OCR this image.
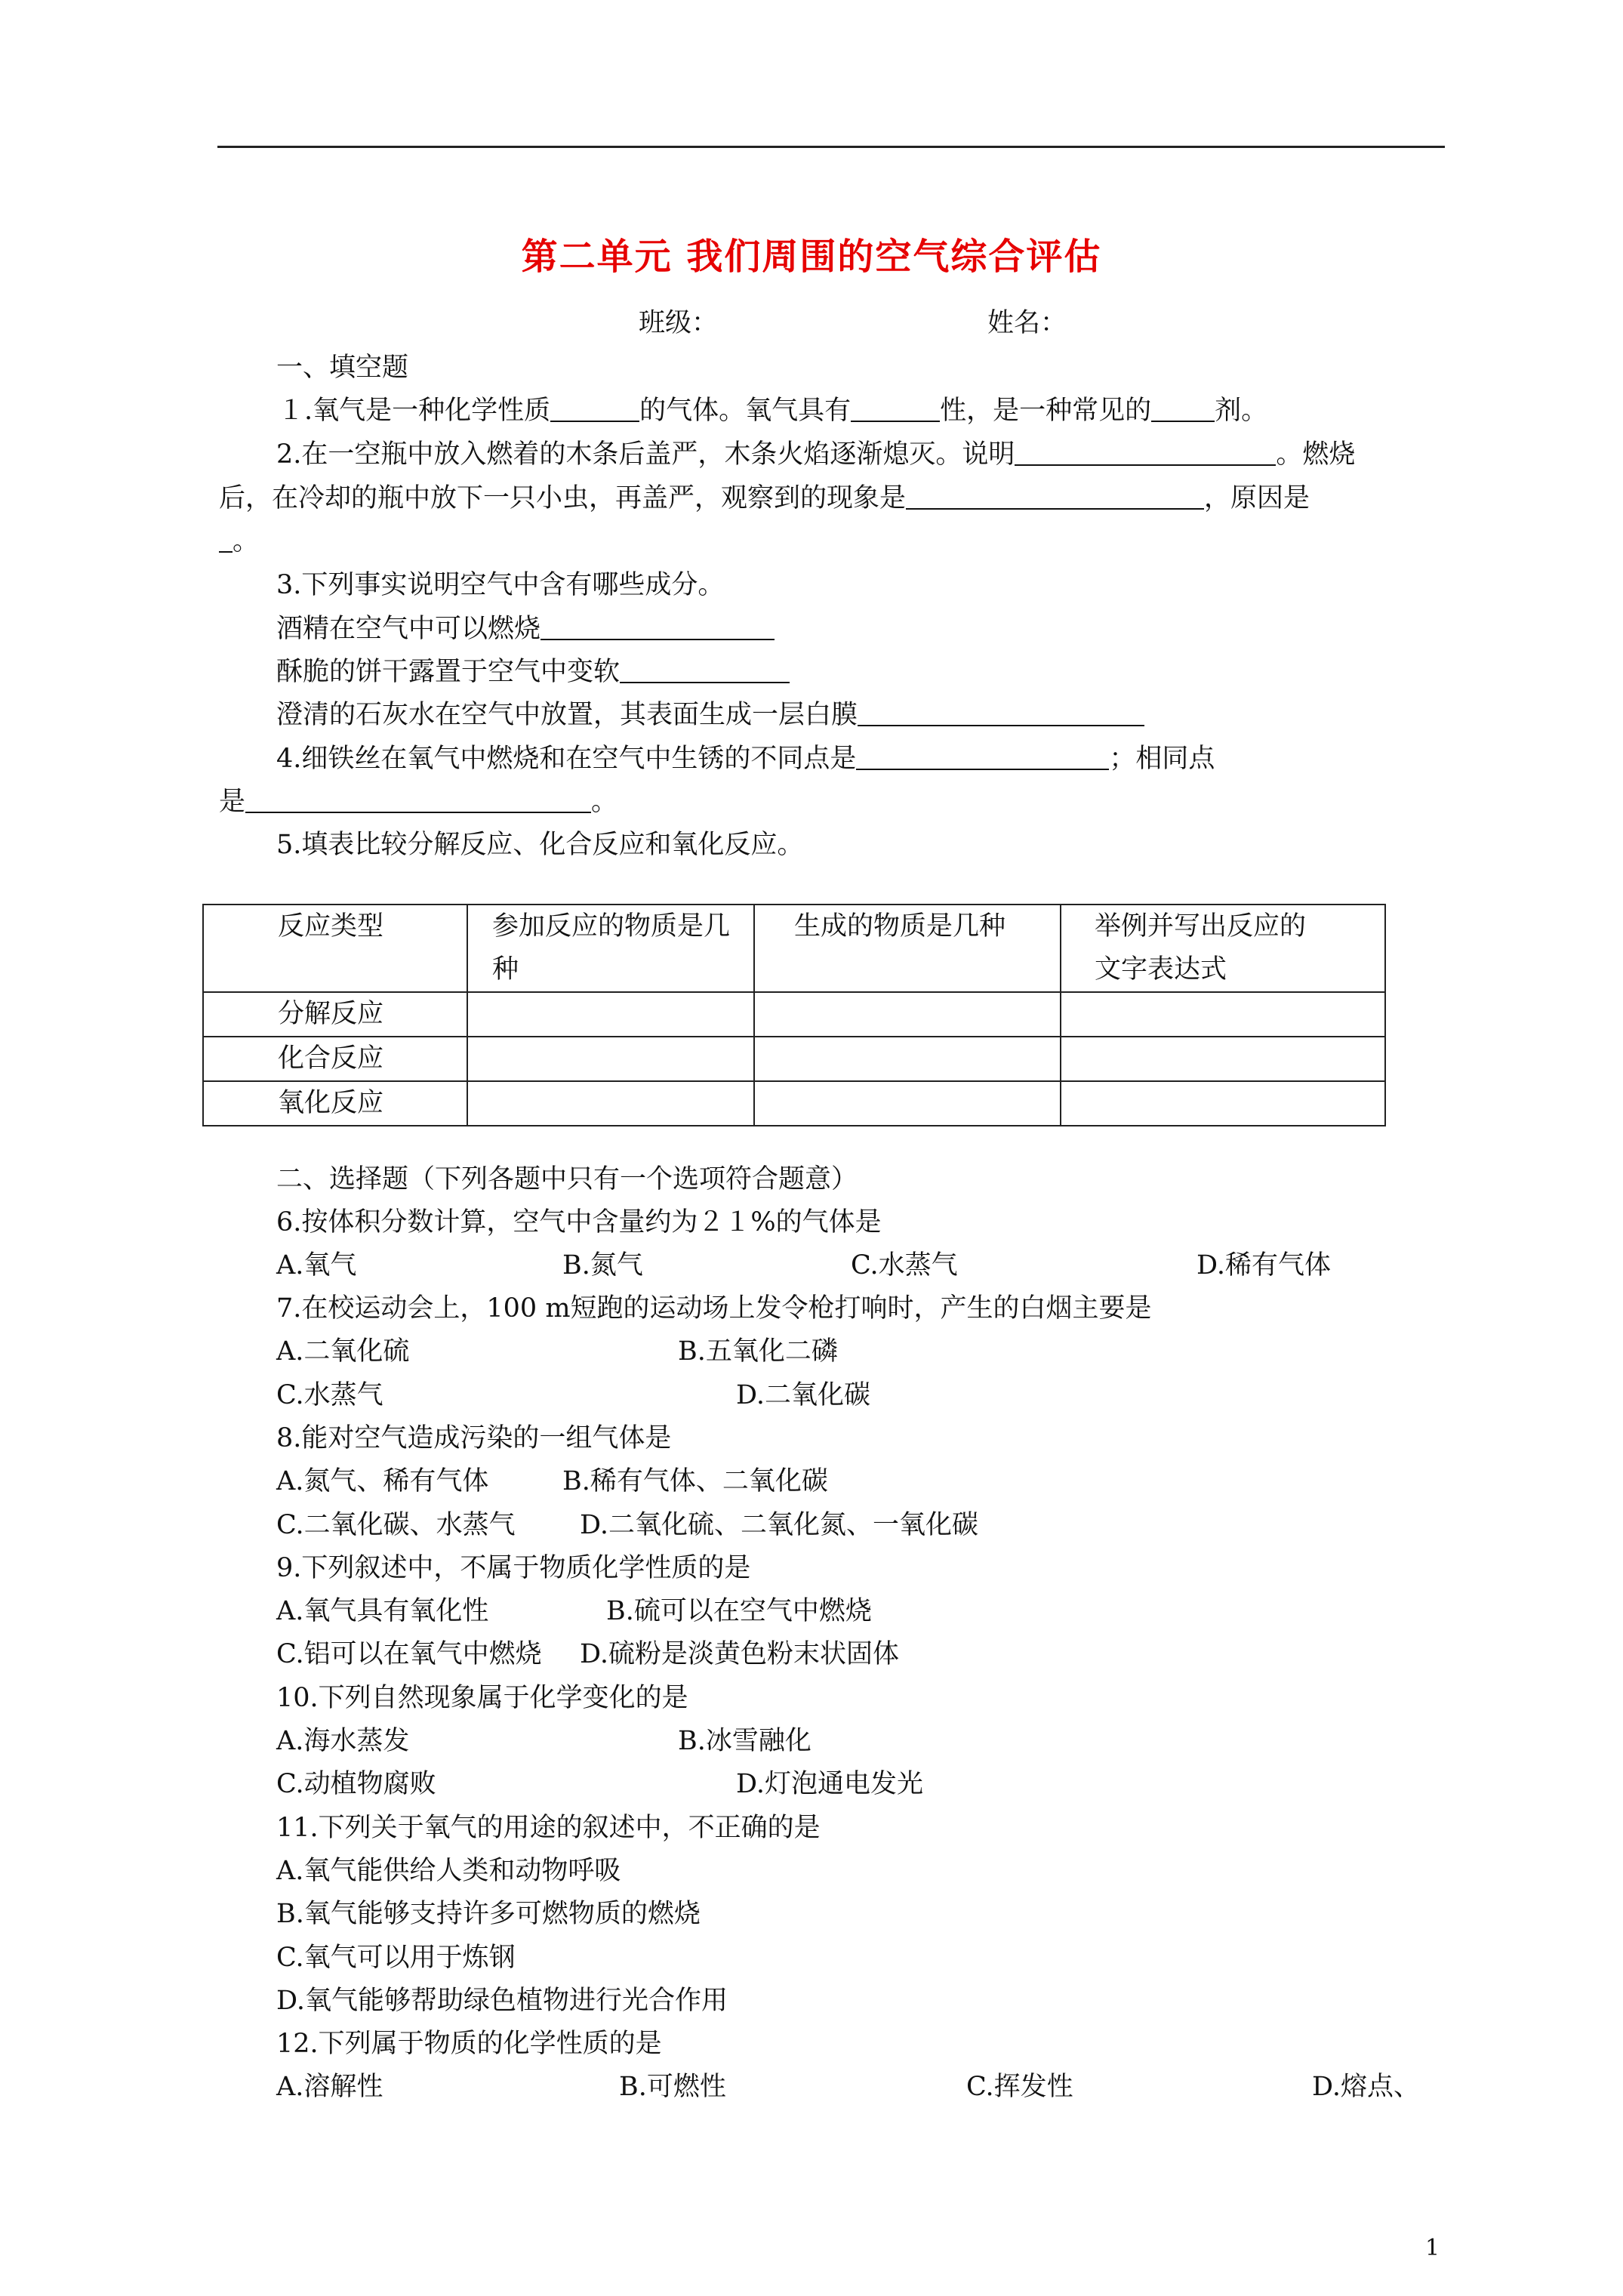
第二单元 我们周围的空气综合评估
班级：	姓名：
一、填空题
１.氧气是一种化学性质	的气体。氧气具有	性，是一种常见的 剂。
2.在一空瓶中放入燃着的木条后盖严，木条火焰逐渐熄灭。说明	。燃烧
后，在冷却的瓶中放下一只小虫，再盖严，观察到的现象是	，原因是
。
3.下列事实说明空气中含有哪些成分。
酒精在空气中可以燃烧
酥脆的饼干露置于空气中变软
澄清的石灰水在空气中放置，其表面生成一层白膜
4.细铁丝在氧气中燃烧和在空气中生锈的不同点是	；相同点
是	。
5.填表比较分解反应、化合反应和氧化反应。
反应类型	参加反应的物质是几种	生成的物质是几种	举例并写出反应的
文字表达式
分解反应			
化合反应			
氧化反应			
二、选择题（下列各题中只有一个选项符合题意）
6.按体积分数计算，空气中含量约为２１%的气体是
A.氧气	B.氮气	C.水蒸气	D.稀有气体
7.在校运动会上，100 m短跑的运动场上发令枪打响时，产生的白烟主要是
A.二氧化硫	B.五氧化二磷
C.水蒸气	D.二氧化碳
8.能对空气造成污染的一组气体是
A.氮气、稀有气体	B.稀有气体、二氧化碳
C.二氧化碳、水蒸气 D.二氧化硫、二氧化氮、一氧化碳
9.下列叙述中，不属于物质化学性质的是
A.氧气具有氧化性	B.硫可以在空气中燃烧
C.铝可以在氧气中燃烧 D.硫粉是淡黄色粉末状固体
10.下列自然现象属于化学变化的是
A.海水蒸发	B.冰雪融化
C.动植物腐败	D.灯泡通电发光
11.下列关于氧气的用途的叙述中，不正确的是
A.氧气能供给人类和动物呼吸
B.氧气能够支持许多可燃物质的燃烧
C.氧气可以用于炼钢
D.氧气能够帮助绿色植物进行光合作用
12.下列属于物质的化学性质的是
A.溶解性	B.可燃性	C.挥发性	D.熔点、
1
